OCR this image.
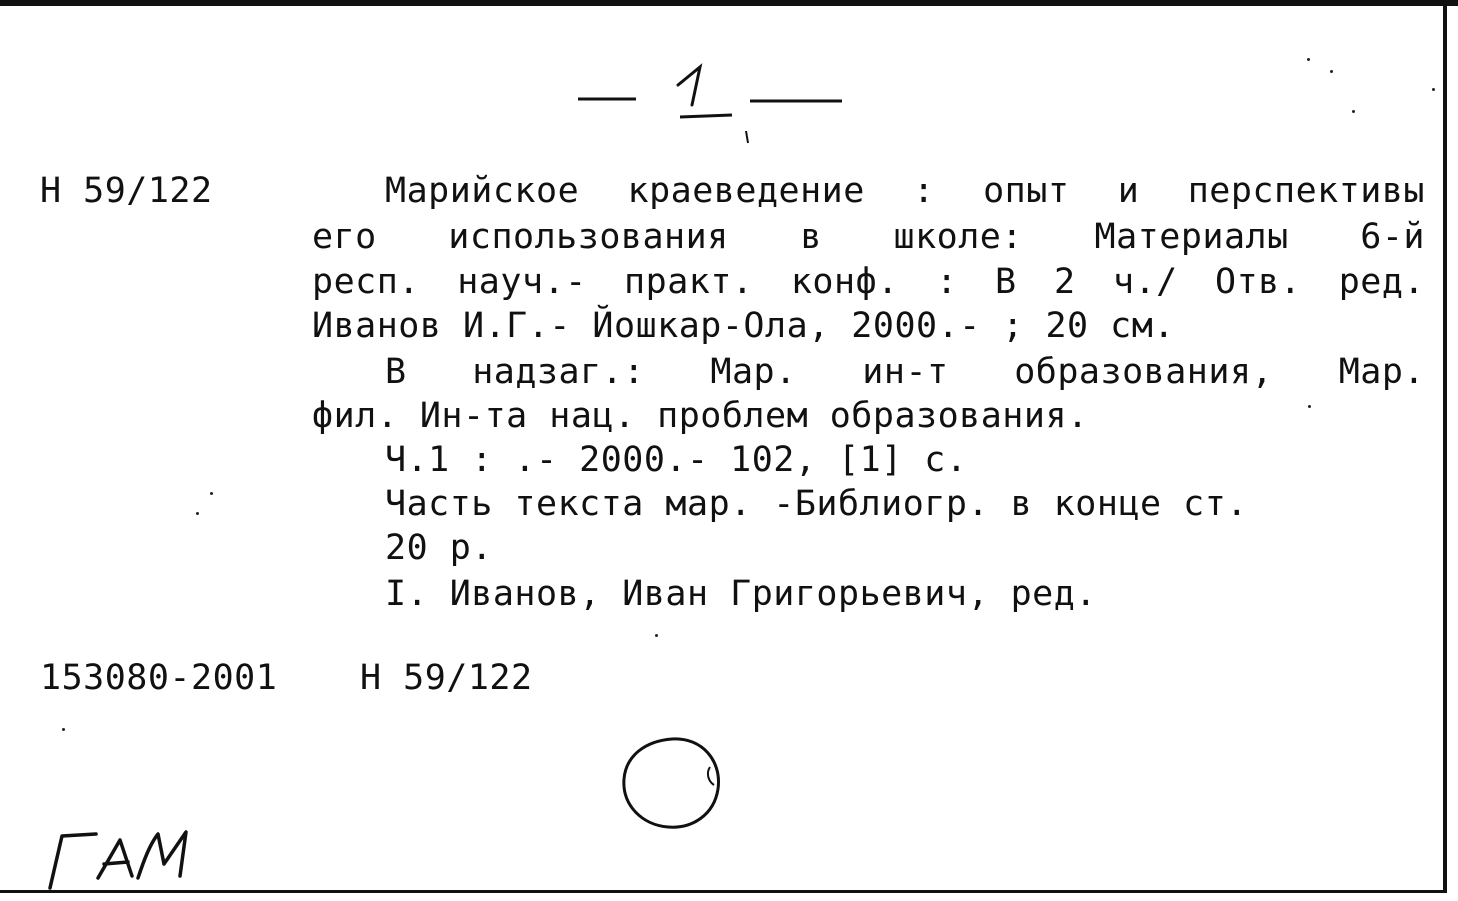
Н 59/122	Марийское краеведение : опыт и перспективы
его использования в школе: Материалы 6-й
респ. науч.- практ. конф. : В 2 ч./ Отв. ред.
Иванов И.Г.- Йошкар-Ола, 2000.- ; 20 см.
В надзаг.: Мар. ин-т образования, Мар.
фил. Ин-та нац. проблем образования.
Ч.1 : .- 2000.- 102, [1] с.
Часть текста мар. -Библиогр. в конце ст.
20 р.
I. Иванов, Иван Григорьевич, ред.
153080-2001 Н 59/122
